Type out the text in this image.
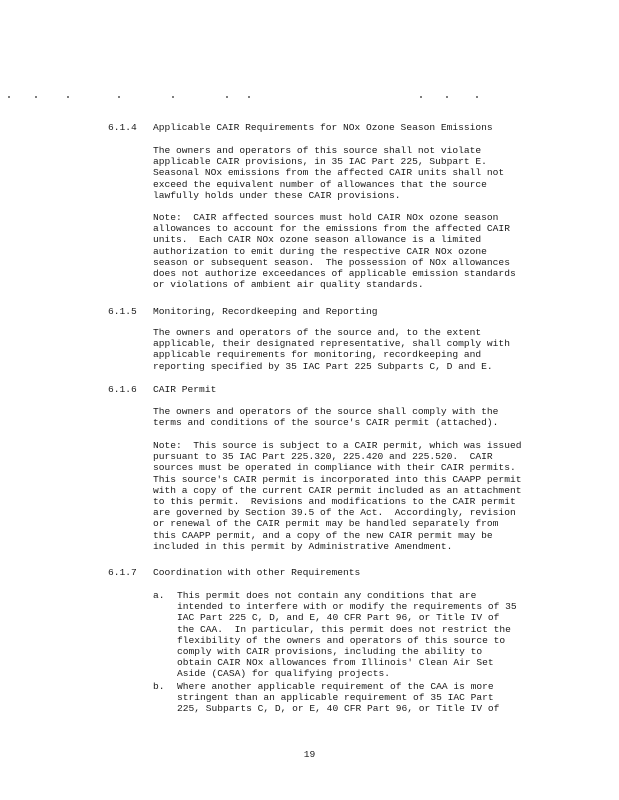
6.1.4 Applicable CAIR Requirements for NOx Ozone Season Emissions
The owners and operators of this source shall not violate
applicable CAIR provisions, in 35 IAC Part 225, Subpart E.
Seasonal NOx emissions from the affected CAIR units shall not
exceed the equivalent number of allowances that the source
lawfully holds under these CAIR provisions.
Note:  CAIR affected sources must hold CAIR NOx ozone season
allowances to account for the emissions from the affected CAIR
units.  Each CAIR NOx ozone season allowance is a limited
authorization to emit during the respective CAIR NOx ozone
season or subsequent season.  The possession of NOx allowances
does not authorize exceedances of applicable emission standards
or violations of ambient air quality standards.
6.1.5 Monitoring, Recordkeeping and Reporting
The owners and operators of the source and, to the extent
applicable, their designated representative, shall comply with
applicable requirements for monitoring, recordkeeping and
reporting specified by 35 IAC Part 225 Subparts C, D and E.
6.1.6 CAIR Permit
The owners and operators of the source shall comply with the
terms and conditions of the source's CAIR permit (attached).
Note:  This source is subject to a CAIR permit, which was issued
pursuant to 35 IAC Part 225.320, 225.420 and 225.520.  CAIR
sources must be operated in compliance with their CAIR permits.
This source's CAIR permit is incorporated into this CAAPP permit
with a copy of the current CAIR permit included as an attachment
to this permit.  Revisions and modifications to the CAIR permit
are governed by Section 39.5 of the Act.  Accordingly, revision
or renewal of the CAIR permit may be handled separately from
this CAAPP permit, and a copy of the new CAIR permit may be
included in this permit by Administrative Amendment.
6.1.7 Coordination with other Requirements
a. This permit does not contain any conditions that are
intended to interfere with or modify the requirements of 35
IAC Part 225 C, D, and E, 40 CFR Part 96, or Title IV of
the CAA.  In particular, this permit does not restrict the
flexibility of the owners and operators of this source to
comply with CAIR provisions, including the ability to
obtain CAIR NOx allowances from Illinois' Clean Air Set
Aside (CASA) for qualifying projects.
b. Where another applicable requirement of the CAA is more
stringent than an applicable requirement of 35 IAC Part
225, Subparts C, D, or E, 40 CFR Part 96, or Title IV of
19
